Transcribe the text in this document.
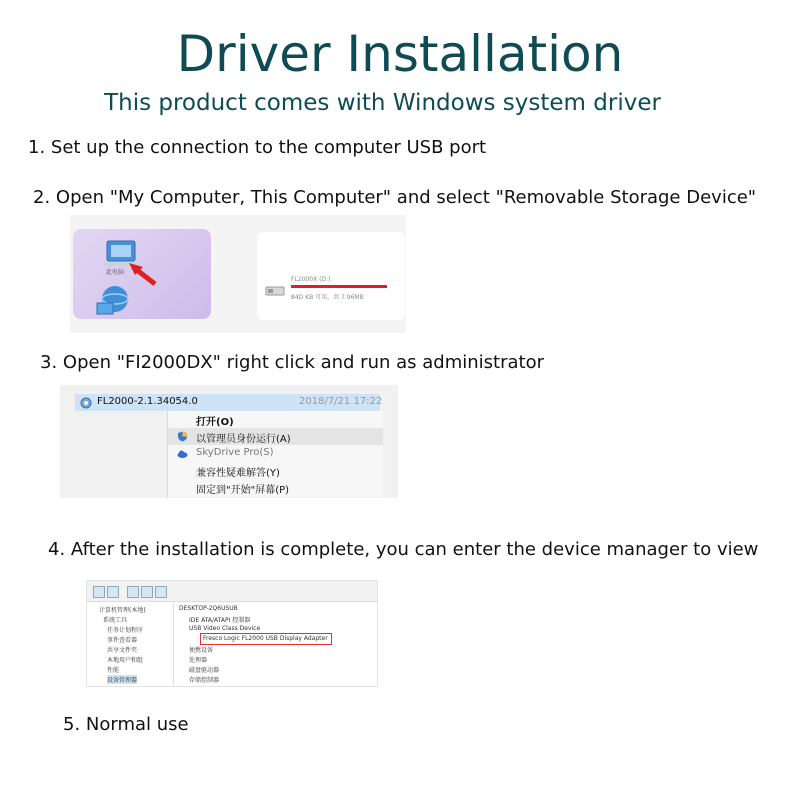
Driver Installation
This product comes with Windows system driver
1. Set up the connection to the computer USB port
2. Open "My Computer, This Computer" and select "Removable Storage Device"
3. Open "FI2000DX" right click and run as administrator
4. After the installation is complete, you can enter the device manager to view
5. Normal use
此电脑
FL2000X (D:)
84D KB 可用，共 7.96MB
FL2000-2.1.34054.0	2018/7/21 17:22
打开(O)
以管理员身份运行(A)
SkyDrive Pro(S)
兼容性疑难解答(Y)
固定到"开始"屏幕(P)
计算机管理(本地)
系统工具
任务计划程序
事件查看器
共享文件夹
本地用户和组
性能
设备管理器
DESKTOP-2Q6USUB
IDE ATA/ATAPI 控制器
USB Video Class Device
Fresco Logic FL2000 USB Display Adapter
便携设备
处理器
磁盘驱动器
存储控制器
